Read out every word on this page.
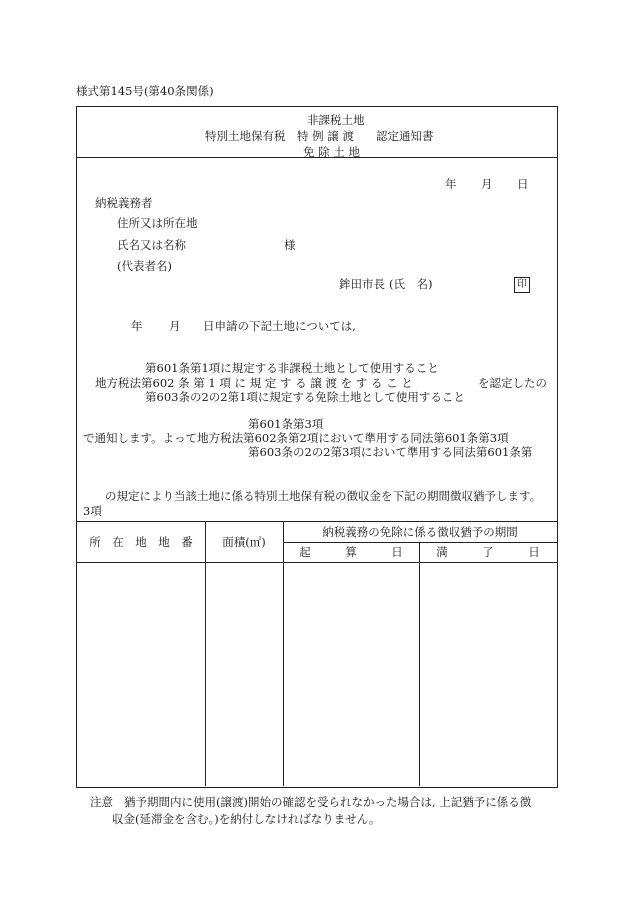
様式第145号(第40条関係)
非課税土地
特別土地保有税 特 例 譲 渡 認定通知書
免 除 土 地
年 月 日
納税義務者
住所又は所在地
氏名又は名称	様
(代表者名)
鉾田市長 (氏　名)	印
年 月 日申請の下記土地については,
第601条第1項に規定する非課税土地として使用すること
地方税法第602 条 第 1 項 に 規 定 す る 譲 渡 を す る こ と	を認定したの
第603条の2の2第1項に規定する免除土地として使用すること
第601条第3項
で通知します。よって地方税法第602条第2項において準用する同法第601条第3項
第603条の2の2第3項において準用する同法第601条第
の規定により当該土地に係る特別土地保有税の徴収金を下記の期間徴収猶予します。
3項
所　在　地　地　番	面積(㎡)
納税義務の免除に係る徴収猶予の期間
起　　　算　　　日	満　　　了　　　日
注意 猶予期間内に使用(譲渡)開始の確認を受られなかった場合は, 上記猶予に係る徴
収金(延滞金を含む。)を納付しなければなりません。
